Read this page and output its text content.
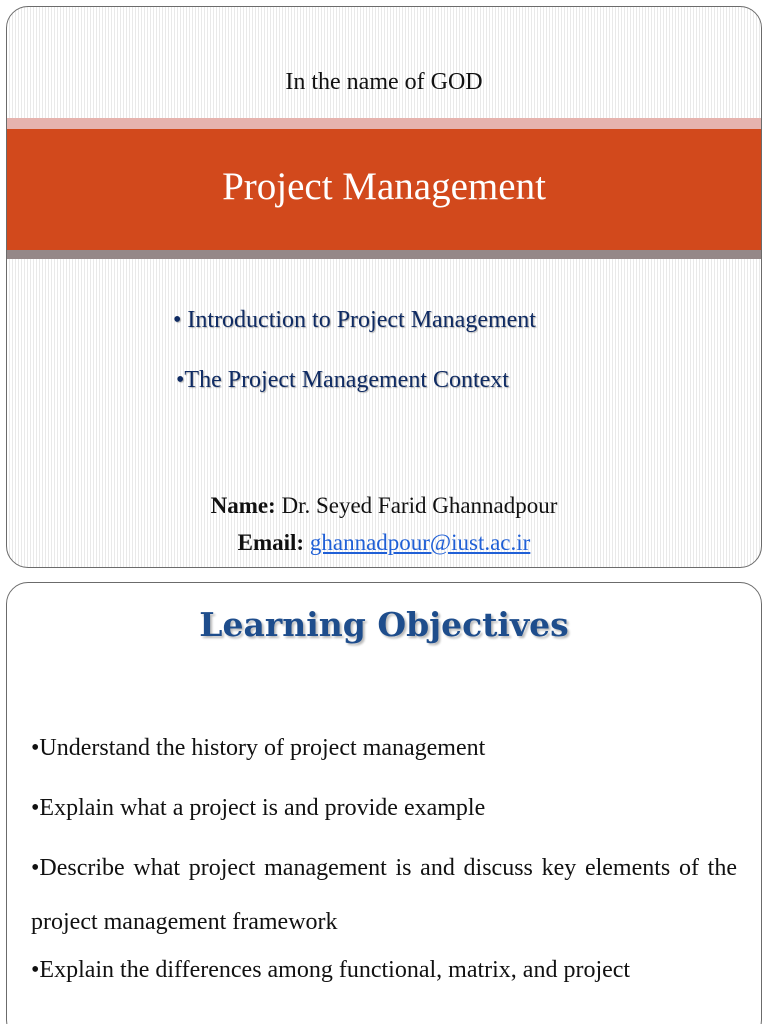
In the name of GOD
Project Management
• Introduction to Project Management
•The Project Management Context
Name: Dr. Seyed Farid Ghannadpour
Email: ghannadpour@iust.ac.ir
Learning Objectives
•Understand the history of project management
•Explain what a project is and provide example
•Describe what project management is and discuss key elements of the project management framework
•Explain the differences among functional, matrix, and project
